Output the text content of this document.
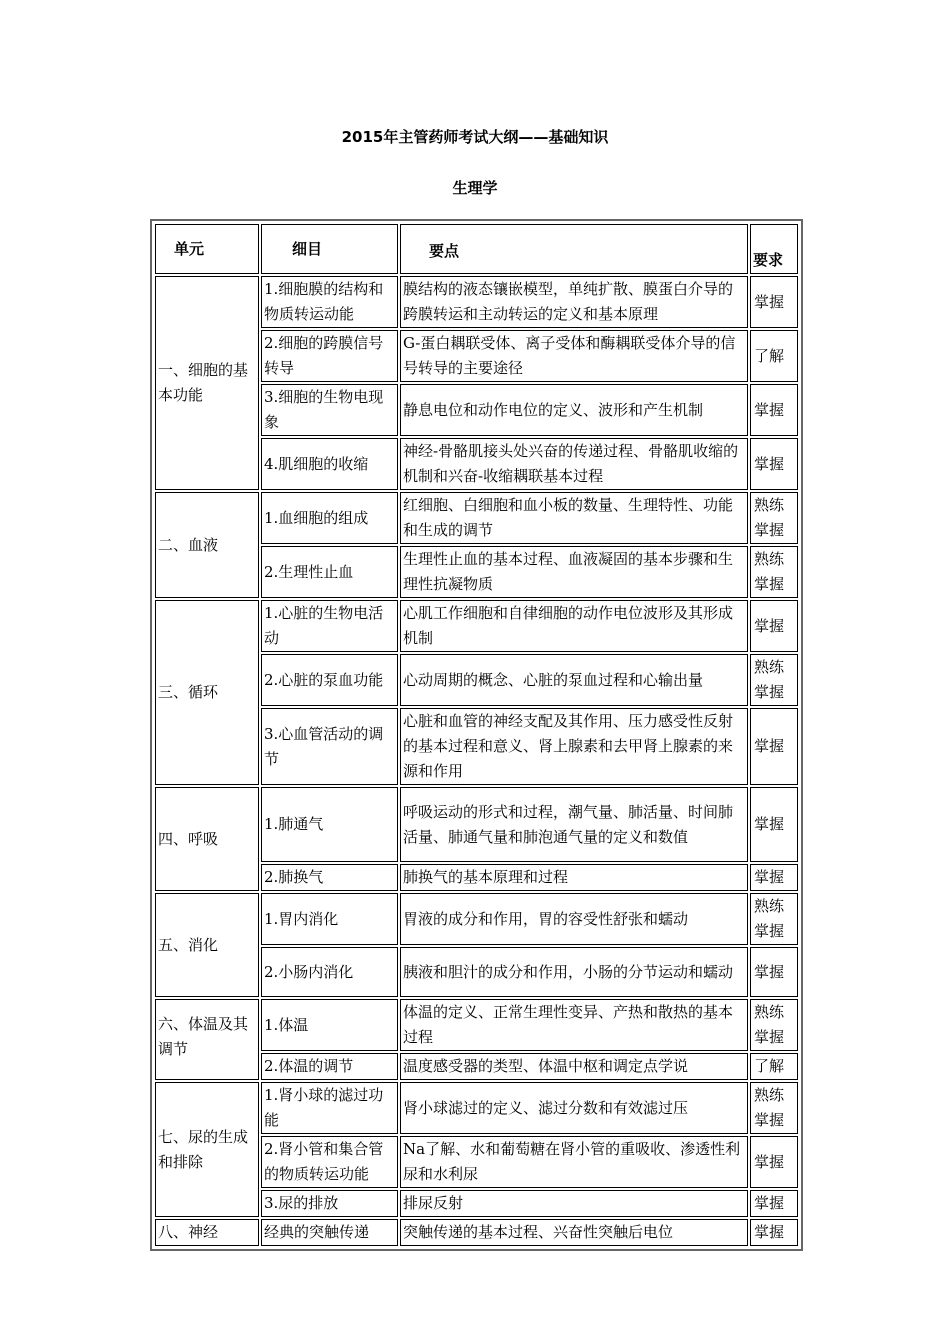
2015年主管药师考试大纲——基础知识
生理学
单元	细目	要点	要求
一、细胞的基本功能	1.细胞膜的结构和物质转运动能	膜结构的液态镶嵌模型，单纯扩散、膜蛋白介导的跨膜转运和主动转运的定义和基本原理	掌握
	2.细胞的跨膜信号转导	G-蛋白耦联受体、离子受体和酶耦联受体介导的信号转导的主要途径	了解
	3.细胞的生物电现象	静息电位和动作电位的定义、波形和产生机制	掌握
	4.肌细胞的收缩	神经-骨骼肌接头处兴奋的传递过程、骨骼肌收缩的机制和兴奋-收缩耦联基本过程	掌握
二、血液	1.血细胞的组成	红细胞、白细胞和血小板的数量、生理特性、功能和生成的调节	熟练掌握
	2.生理性止血	生理性止血的基本过程、血液凝固的基本步骤和生理性抗凝物质	熟练掌握
三、循环	1.心脏的生物电活动	心肌工作细胞和自律细胞的动作电位波形及其形成机制	掌握
	2.心脏的泵血功能	心动周期的概念、心脏的泵血过程和心输出量	熟练掌握
	3.心血管活动的调节	心脏和血管的神经支配及其作用、压力感受性反射的基本过程和意义、肾上腺素和去甲肾上腺素的来源和作用	掌握
四、呼吸	1.肺通气	呼吸运动的形式和过程，潮气量、肺活量、时间肺活量、肺通气量和肺泡通气量的定义和数值	掌握
	2.肺换气	肺换气的基本原理和过程	掌握
五、消化	1.胃内消化	胃液的成分和作用，胃的容受性舒张和蠕动	熟练掌握
	2.小肠内消化	胰液和胆汁的成分和作用，小肠的分节运动和蠕动	掌握
六、体温及其调节	1.体温	体温的定义、正常生理性变异、产热和散热的基本过程	熟练掌握
	2.体温的调节	温度感受器的类型、体温中枢和调定点学说	了解
七、尿的生成和排除	1.肾小球的滤过功能	肾小球滤过的定义、滤过分数和有效滤过压	熟练掌握
	2.肾小管和集合管的物质转运功能	Na了解、水和葡萄糖在肾小管的重吸收、渗透性利尿和水利尿	掌握
	3.尿的排放	排尿反射	掌握
八、神经	经典的突触传递	突触传递的基本过程、兴奋性突触后电位	掌握
